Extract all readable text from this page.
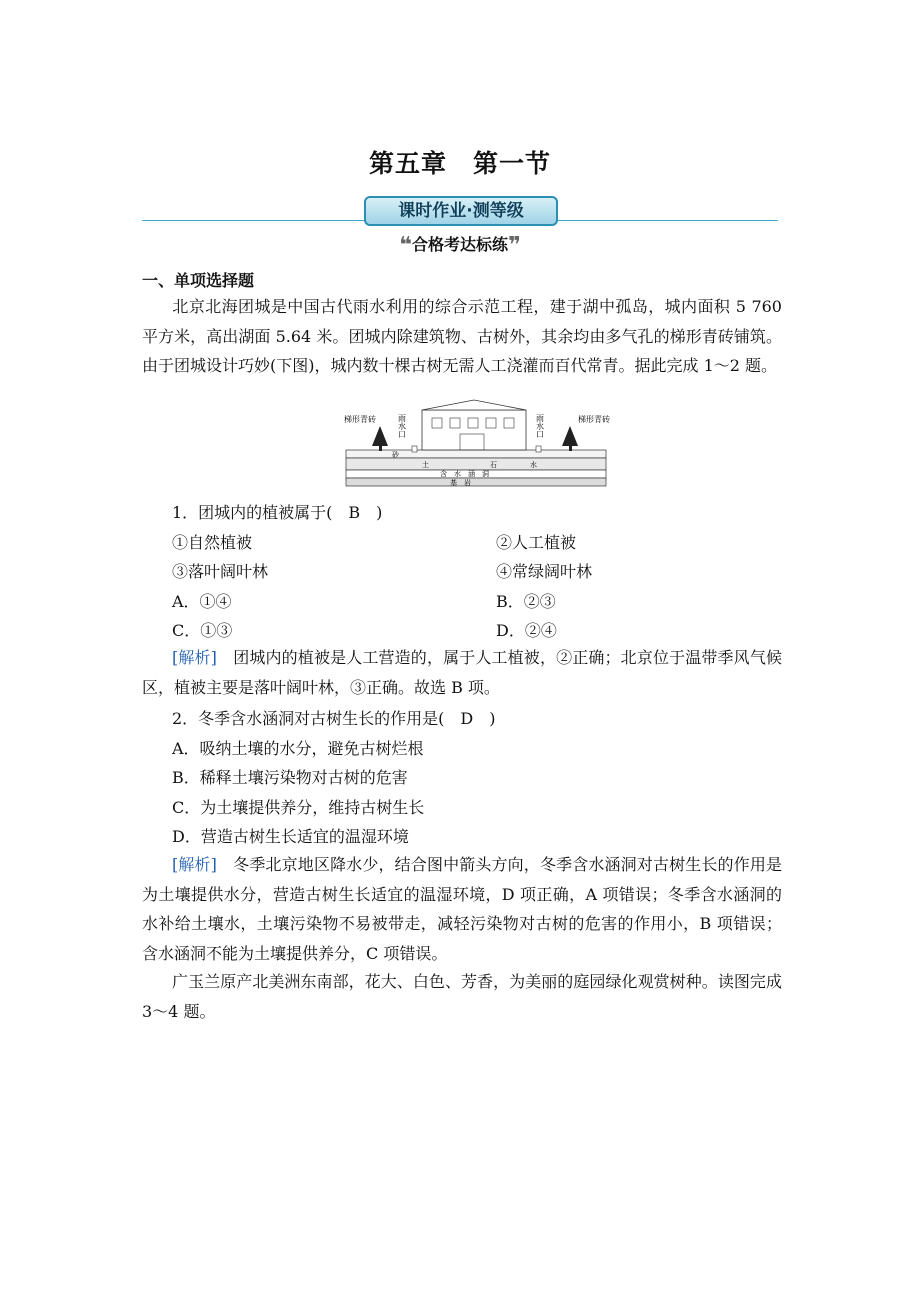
第五章　第一节
课时作业·测等级
❝合格考达标练❞
一、单项选择题
北京北海团城是中国古代雨水利用的综合示范工程，建于湖中孤岛，城内面积 5 760 平方米，高出湖面 5.64 米。团城内除建筑物、古树外，其余均由多气孔的梯形青砖铺筑。由于团城设计巧妙(下图)，城内数十棵古树无需人工浇灌而百代常青。据此完成 1～2 题。
梯形青砖	梯形青砖
雨水口	雨水口
砂
土	石	水
含　水　涵　洞
基　岩
1．团城内的植被属于(　B　)
①自然植被	②人工植被
③落叶阔叶林	④常绿阔叶林
A．①④	B．②③
C．①③	D．②④
[解析]　 团城内的植被是人工营造的，属于人工植被，②正确；北京位于温带季风气候区，植被主要是落叶阔叶林，③正确。故选 B 项。
2．冬季含水涵洞对古树生长的作用是(　D　)
A．吸纳土壤的水分，避免古树烂根
B．稀释土壤污染物对古树的危害
C．为土壤提供养分，维持古树生长
D．营造古树生长适宜的温湿环境
[解析]　 冬季北京地区降水少，结合图中箭头方向，冬季含水涵洞对古树生长的作用是为土壤提供水分，营造古树生长适宜的温湿环境，D 项正确，A 项错误；冬季含水涵洞的水补给土壤水，土壤污染物不易被带走，减轻污染物对古树的危害的作用小，B 项错误；含水涵洞不能为土壤提供养分，C 项错误。
广玉兰原产北美洲东南部，花大、白色、芳香，为美丽的庭园绿化观赏树种。读图完成 3～4 题。
